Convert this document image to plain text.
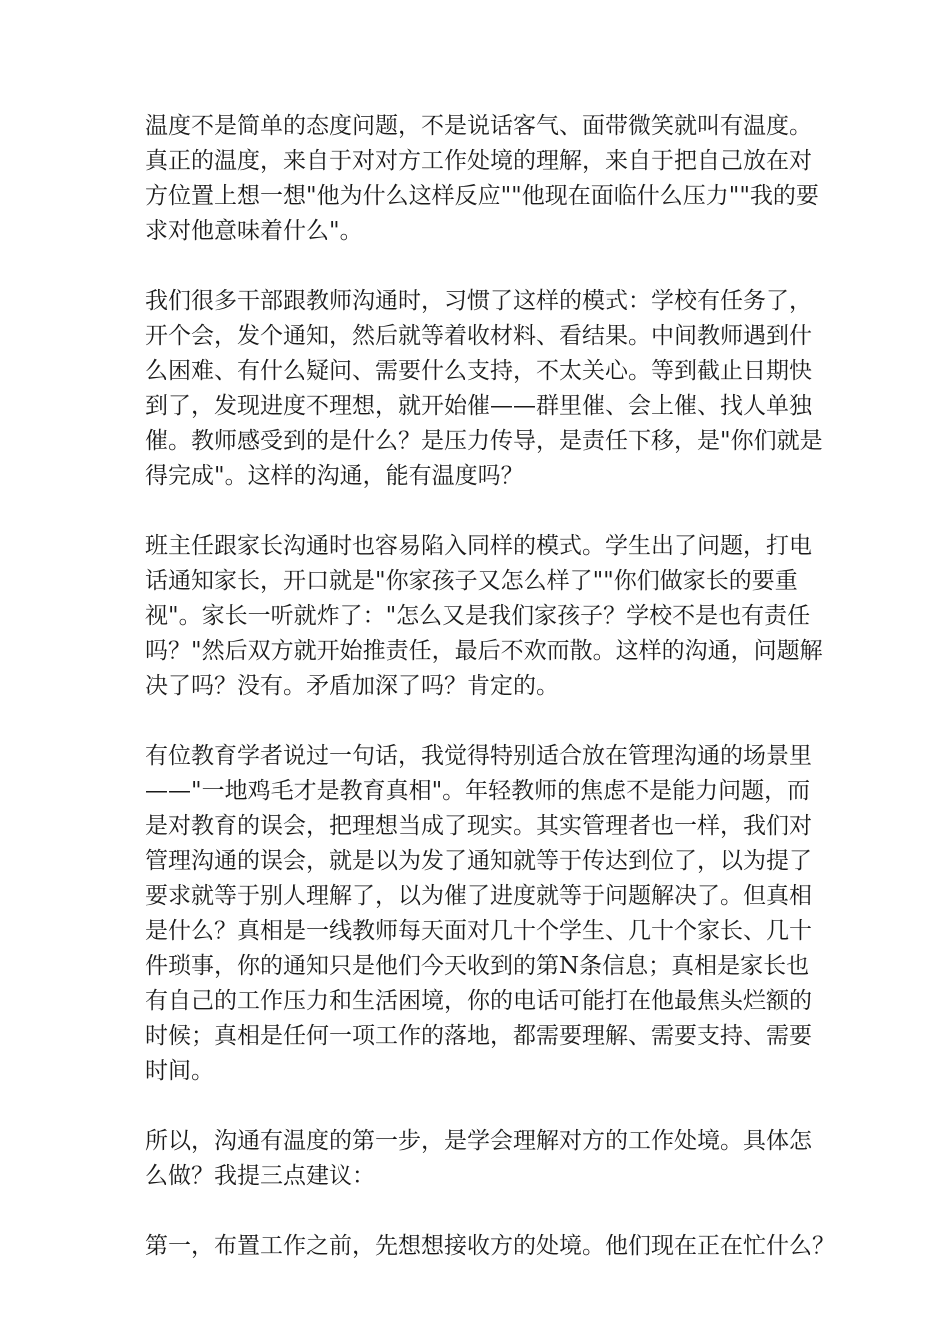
温度不是简单的态度问题，不是说话客气、面带微笑就叫有温度。
真正的温度，来自于对对方工作处境的理解，来自于把自己放在对
方位置上想一想"他为什么这样反应""他现在面临什么压力""我的要
求对他意味着什么"。

我们很多干部跟教师沟通时，习惯了这样的模式：学校有任务了，
开个会，发个通知，然后就等着收材料、看结果。中间教师遇到什
么困难、有什么疑问、需要什么支持，不太关心。等到截止日期快
到了，发现进度不理想，就开始催——群里催、会上催、找人单独
催。教师感受到的是什么？是压力传导，是责任下移，是"你们就是
得完成"。这样的沟通，能有温度吗？

班主任跟家长沟通时也容易陷入同样的模式。学生出了问题，打电
话通知家长，开口就是"你家孩子又怎么样了""你们做家长的要重
视"。家长一听就炸了："怎么又是我们家孩子？学校不是也有责任
吗？"然后双方就开始推责任，最后不欢而散。这样的沟通，问题解
决了吗？没有。矛盾加深了吗？肯定的。

有位教育学者说过一句话，我觉得特别适合放在管理沟通的场景里
——"一地鸡毛才是教育真相"。年轻教师的焦虑不是能力问题，而
是对教育的误会，把理想当成了现实。其实管理者也一样，我们对
管理沟通的误会，就是以为发了通知就等于传达到位了，以为提了
要求就等于别人理解了，以为催了进度就等于问题解决了。但真相
是什么？真相是一线教师每天面对几十个学生、几十个家长、几十
件琐事，你的通知只是他们今天收到的第N条信息；真相是家长也
有自己的工作压力和生活困境，你的电话可能打在他最焦头烂额的
时候；真相是任何一项工作的落地，都需要理解、需要支持、需要
时间。

所以，沟通有温度的第一步，是学会理解对方的工作处境。具体怎
么做？我提三点建议：

第一，布置工作之前，先想想接收方的处境。他们现在正在忙什么？
